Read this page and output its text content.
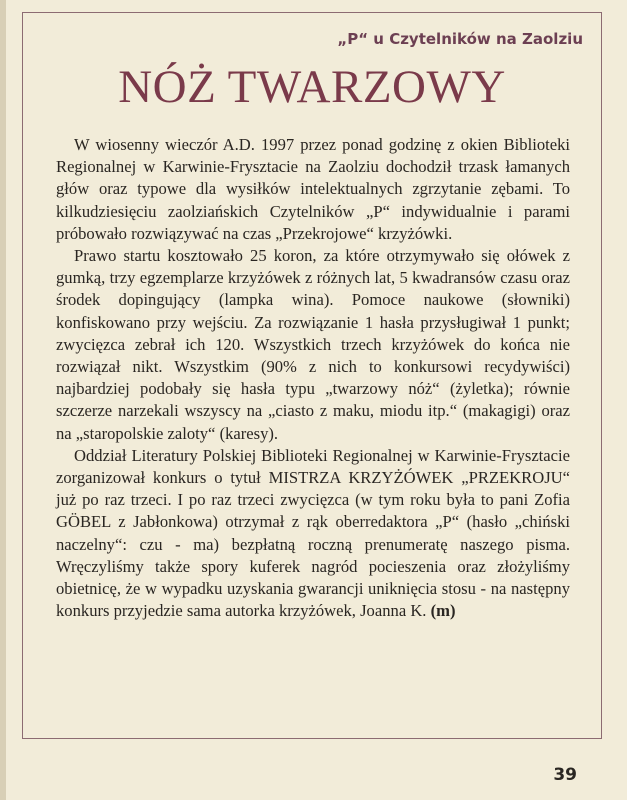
„P“ u Czytelników na Zaolziu
NÓŻ TWARZOWY

W wiosenny wieczór A.D. 1997 przez ponad godzinę z okien Biblioteki Regionalnej w Karwinie-Frysztacie na Zaolziu dochodził trzask łamanych głów oraz typowe dla wysiłków intelektualnych zgrzytanie zębami. To kilkudziesięciu zaolziańskich Czytelników „P“ indywidualnie i parami próbowało rozwiązywać na czas „Przekrojowe“ krzyżówki.

Prawo startu kosztowało 25 koron, za które otrzymywało się ołówek z gumką, trzy egzemplarze krzyżówek z różnych lat, 5 kwadransów czasu oraz środek dopingujący (lampka wina). Pomoce naukowe (słowniki) konfiskowano przy wejściu. Za rozwiązanie 1 hasła przysługiwał 1 punkt; zwycięzca zebrał ich 120. Wszystkich trzech krzyżówek do końca nie rozwiązał nikt. Wszystkim (90% z nich to konkursowi recydywiści) najbardziej podobały się hasła typu „twarzowy nóż“ (żyletka); równie szczerze narzekali wszyscy na „ciasto z maku, miodu itp.“ (makagigi) oraz na „staropolskie zaloty“ (karesy).

Oddział Literatury Polskiej Biblioteki Regionalnej w Karwinie-Frysztacie zorganizował konkurs o tytuł MISTRZA KRZYŻÓWEK „PRZEKROJU“ już po raz trzeci. I po raz trzeci zwycięzca (w tym roku była to pani Zofia GÖBEL z Jabłonkowa) otrzymał z rąk oberredaktora „P“ (hasło „chiński naczelny“: czu - ma) bezpłatną roczną prenumeratę naszego pisma. Wręczyliśmy także spory kuferek nagród pocieszenia oraz złożyliśmy obietnicę, że w wypadku uzyskania gwarancji uniknięcia stosu - na następny konkurs przyjedzie sama autorka krzyżówek, Joanna K. (m)

39
